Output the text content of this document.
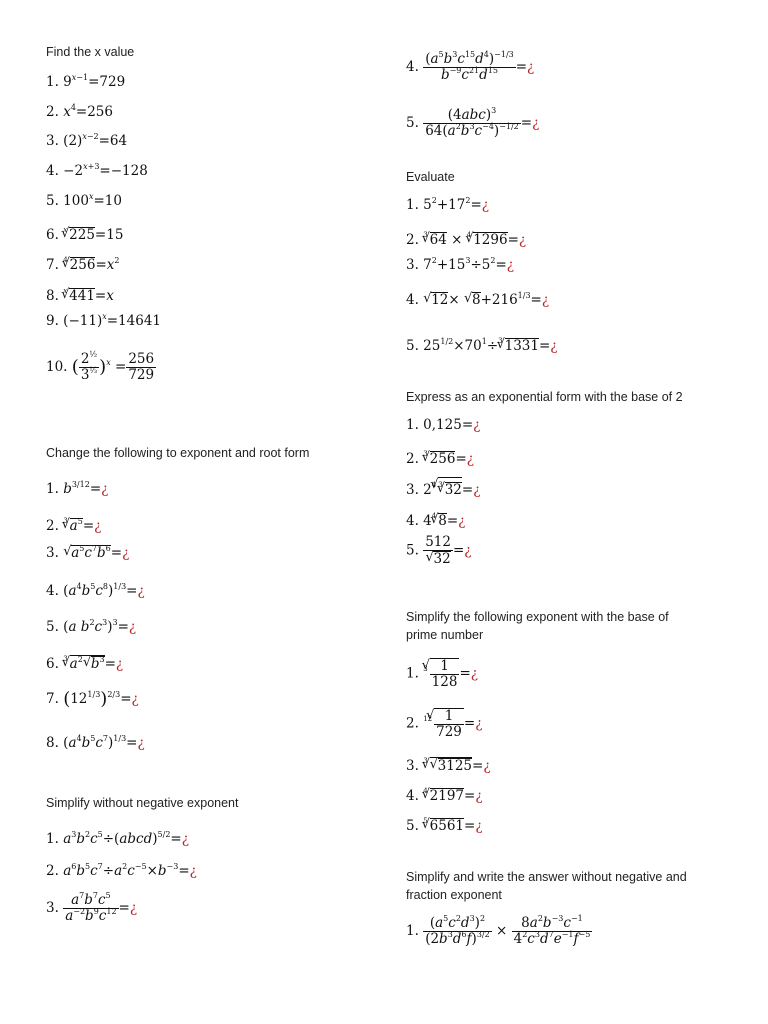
Find the x value
1. $9^{x-1}=729$
2. $x^4=256$
3. $(2)^{x-2}=64$
4. $-2^{x+3}=-128$
5. $100^x=10$
6. $^x$√ 225=15
7. $^4$√ $256=x^2$
8. $^x$√ 441=x
9. $(-11)^x=14641$
10. ( $\frac{2^{\frac{1}{2}}}{3^{\frac{1}{3}}} )^x = \frac{256}{729}$
Change the following to exponent and root form
1. $b^{3/12}=¿$
2. $^3$√ $a^5=¿$
3. √ $a^5c^7b^6=¿$
4. $(a^4b^5c^8)^{1/3}=¿$
5. (a $b^2c^3)^3=¿$
6. $^3$√ $a^2√$ $b^3=¿$
7. $(12^{1/3})^{2/3}=¿$
8. $(a^4b^5c^7)^{1/3}=¿$
Simplify without negative exponent
1. $a^3b^2c^5\div(abcd)^{5/2}=¿$
2. $a^6b^5c^7\div a^2c^{-5}\times b^{-3}=¿$
3. $\frac{a^7b^7c^5}{a^{-2}b^9c^{12}}$ =¿
4. $\frac{(a^5b^3c^{15}d^4)^{-1/3}}{b^{-9}c^{21}d^{15}}$ =¿
5. $\frac{(4abc)^3}{64(a^2b^3c^{-4})^{-1/2}}$ =¿
Evaluate
1. $5^2+17^2=¿$
2. $^3$√ 64 × $^4$√ 1296=¿
3. $7^2+15^3\div 5^2=¿$
4. √ 12× √ $8+216^{1/3}=¿$
5. $25^{1/2}\times 70^1\div^3√$ 1331=¿
Express as an exponential form with the base of 2
1. 0,125=¿
2. $^3$√ 256=¿
3. $2^4√$ $^3$√ 32=¿
4. $4^4√$ 8=¿
5. 512
√ 32 =¿
Simplify the following exponent with the base of
prime number
1. $^3$
√ $\frac{1}{128}$ =¿
2. $^{12}$
√ $\frac{1}{729}$ =¿
3. $^3$√ √ 3125=¿
4. $^4$√ 2197=¿
5. $^5$√ 6561=¿
Simplify and write the answer without negative and
fraction exponent
1. $\frac{(a^5c^2d^3)^2}{(2b^3d^6f)^{3/2}} \times \frac{8a^2b^{-3}c^{-1}}{4^2c^3d^7e^{-1}f^{-5}}$
